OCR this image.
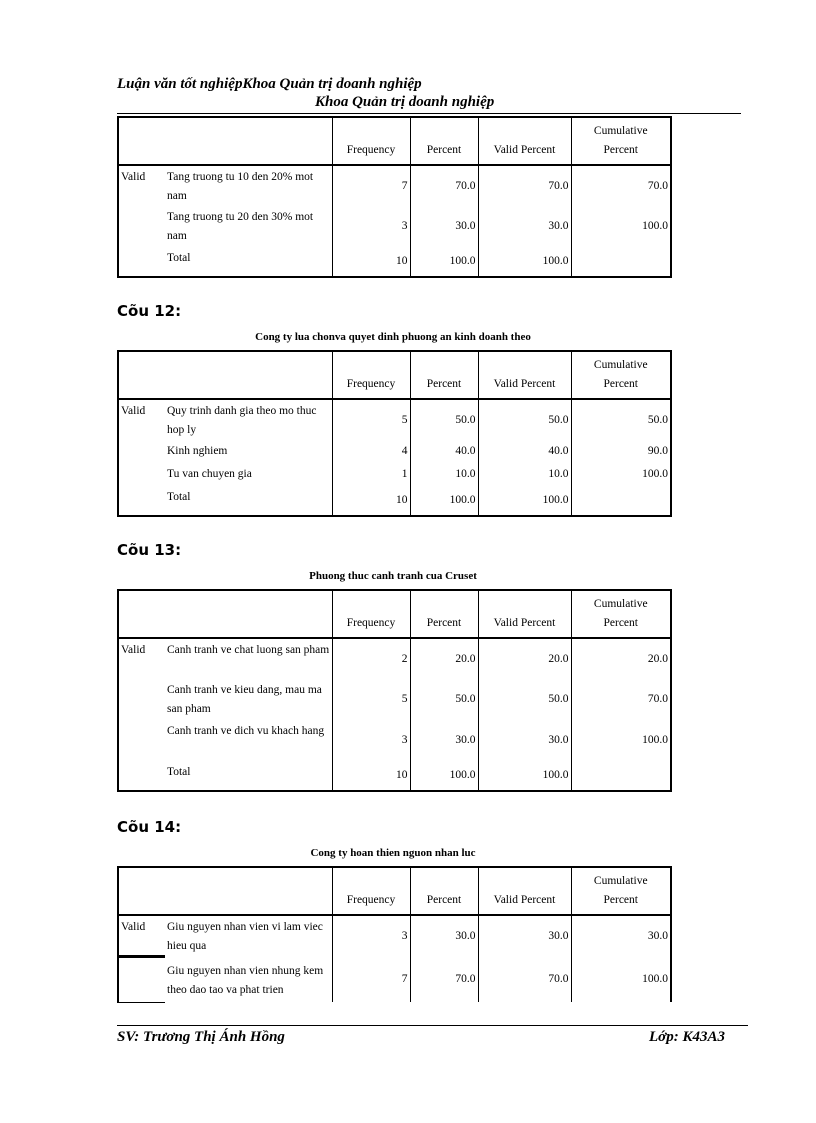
Luận văn tốt nghiệpKhoa Quản trị doanh nghiệp
Khoa Quản trị doanh nghiệp
		Frequency	Percent	Valid Percent	Cumulative
Percent

Valid	Tang truong tu 10 den 20% mot nam	7	70.0	70.0	70.0
	Tang truong tu 20 den 30% mot nam	3	30.0	30.0	100.0
	Total	10	100.0	100.0	
Cõu 12:
Cong ty lua chonva quyet dinh phuong an kinh doanh theo
		Frequency	Percent	Valid Percent	Cumulative
Percent

Valid	Quy trinh danh gia theo mo thuc hop ly	5	50.0	50.0	50.0
	Kinh nghiem	4	40.0	40.0	90.0
	Tu van chuyen gia	1	10.0	10.0	100.0
	Total	10	100.0	100.0	
Cõu 13:
Phuong thuc canh tranh cua Cruset
		Frequency	Percent	Valid Percent	Cumulative
Percent

Valid	Canh tranh ve chat luong san pham	2	20.0	20.0	20.0
	Canh tranh ve kieu dang, mau ma san pham	5	50.0	50.0	70.0
	Canh tranh ve dich vu khach hang	3	30.0	30.0	100.0
	Total	10	100.0	100.0	
Cõu 14:
Cong ty hoan thien nguon nhan luc
		Frequency	Percent	Valid Percent	Cumulative
Percent

Valid	Giu nguyen nhan vien vi lam viec hieu qua	3	30.0	30.0	30.0
	Giu nguyen nhan vien nhung kem theo dao tao va phat trien	7	70.0	70.0	100.0
SV: Trương Thị Ánh Hồng	Lớp: K43A3
